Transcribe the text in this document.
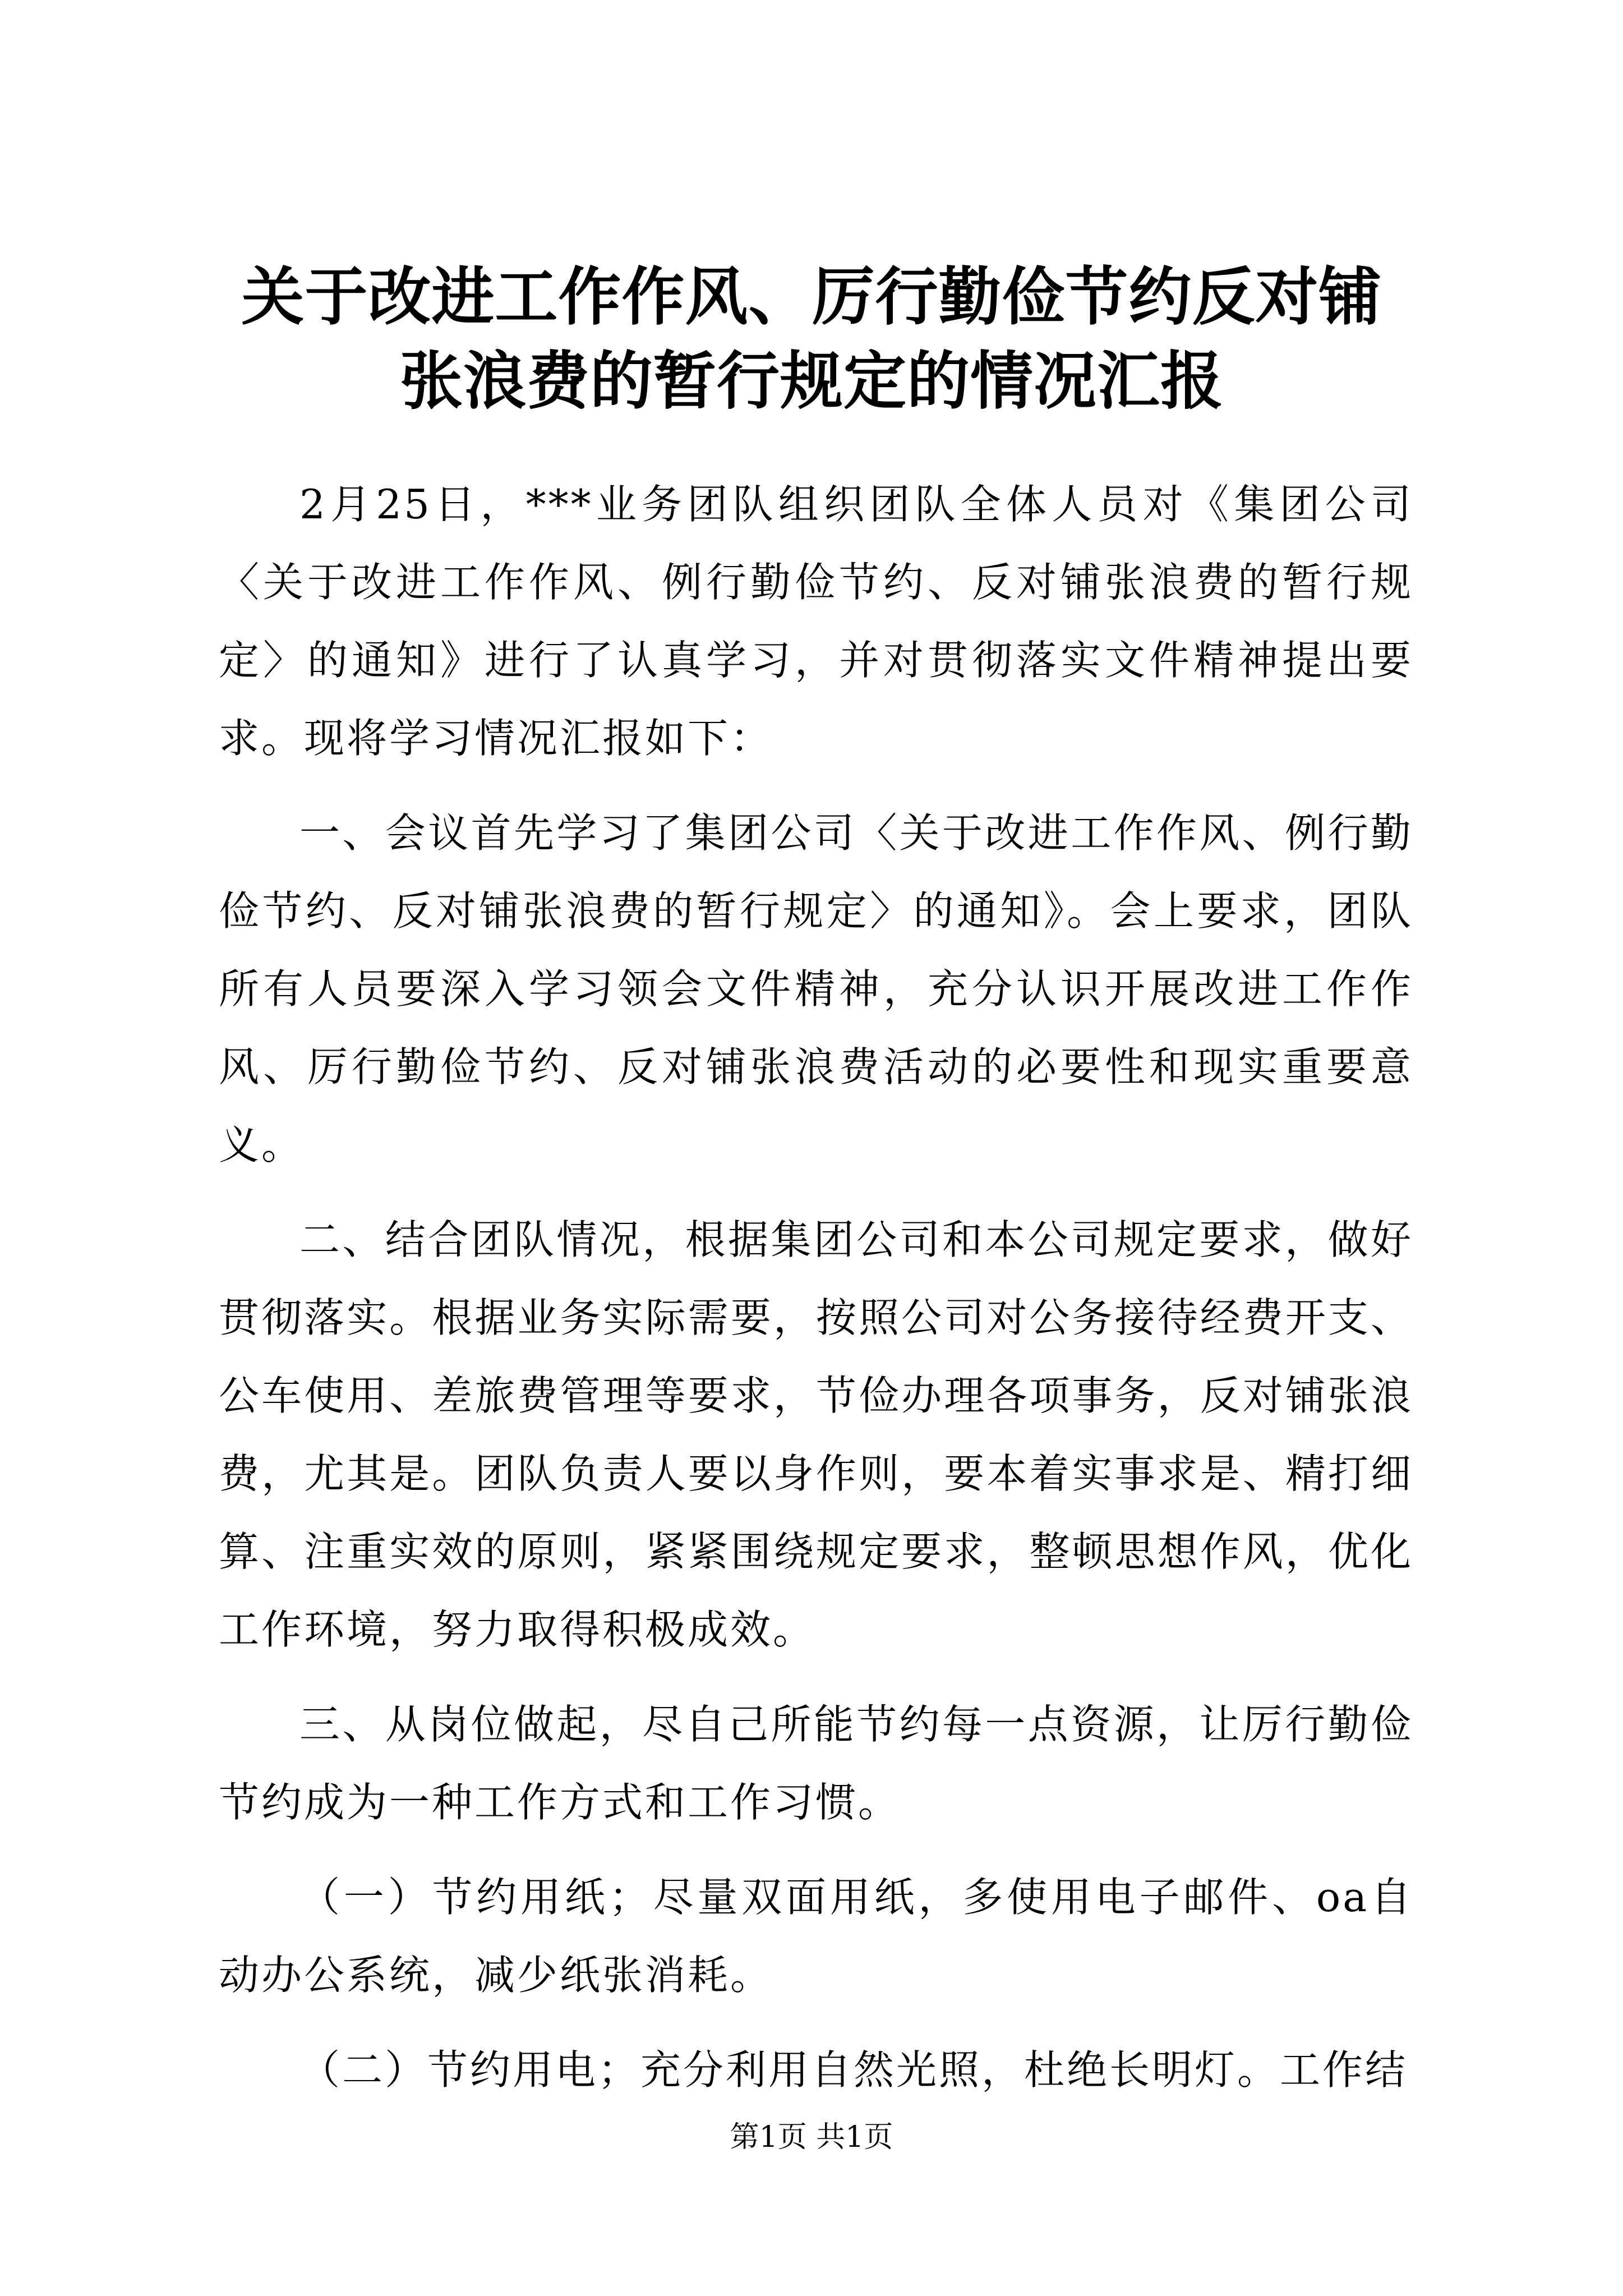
关于改进工作作风、厉行勤俭节约反对铺张浪费的暂行规定的情况汇报

2月25日，***业务团队组织团队全体人员对《集团公司〈关于改进工作作风、例行勤俭节约、反对铺张浪费的暂行规定〉的通知》进行了认真学习，并对贯彻落实文件精神提出要求。现将学习情况汇报如下：

一、会议首先学习了集团公司〈关于改进工作作风、例行勤俭节约、反对铺张浪费的暂行规定〉的通知》。会上要求，团队所有人员要深入学习领会文件精神，充分认识开展改进工作作风、厉行勤俭节约、反对铺张浪费活动的必要性和现实重要意义。

二、结合团队情况，根据集团公司和本公司规定要求，做好贯彻落实。根据业务实际需要，按照公司对公务接待经费开支、公车使用、差旅费管理等要求，节俭办理各项事务，反对铺张浪费，尤其是。团队负责人要以身作则，要本着实事求是、精打细算、注重实效的原则，紧紧围绕规定要求，整顿思想作风，优化工作环境，努力取得积极成效。

三、从岗位做起，尽自己所能节约每一点资源，让厉行勤俭节约成为一种工作方式和工作习惯。

（一）节约用纸；尽量双面用纸，多使用电子邮件、oa自动办公系统，减少纸张消耗。

（二）节约用电；充分利用自然光照，杜绝长明灯。工作结

第1页 共1页
